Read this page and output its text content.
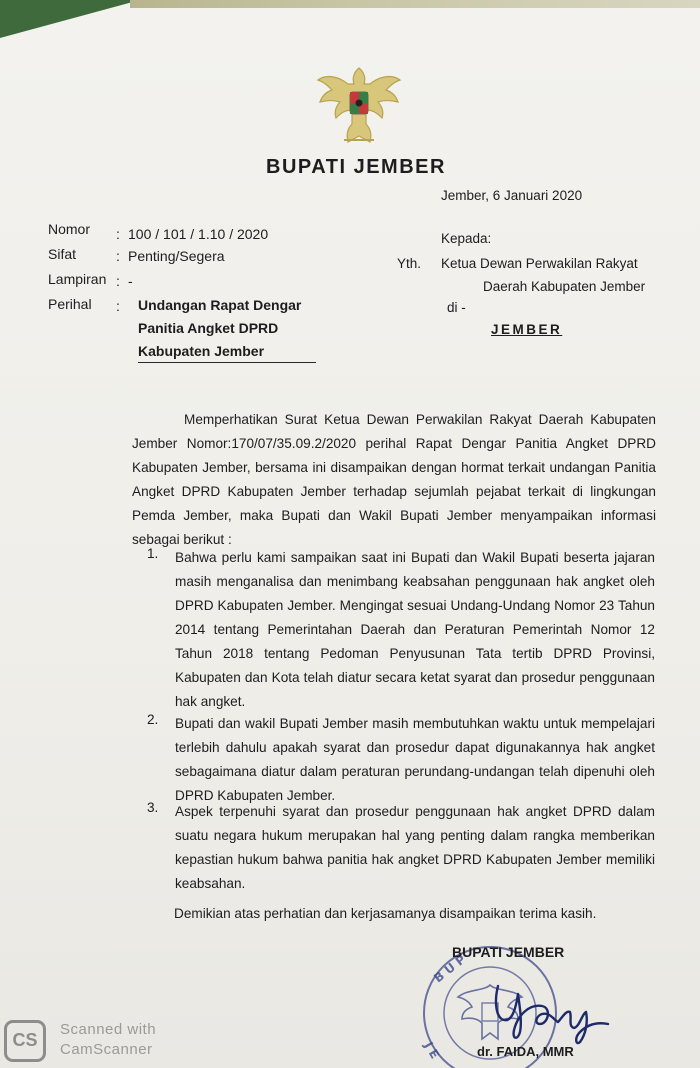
BUPATI JEMBER
Jember, 6 Januari 2020
Nomor : 100 / 101 / 1.10 / 2020
Sifat	: Penting/Segera
Lampiran : -
Perihal : Undangan Rapat Dengar
Panitia Angket DPRD
Kabupaten Jember
Kepada:
Yth. Ketua Dewan Perwakilan Rakyat
Daerah Kabupaten Jember
di -
JEMBER
Memperhatikan Surat Ketua Dewan Perwakilan Rakyat Daerah Kabupaten Jember Nomor:170/07/35.09.2/2020 perihal Rapat Dengar Panitia Angket DPRD Kabupaten Jember, bersama ini disampaikan dengan hormat terkait undangan Panitia Angket DPRD Kabupaten Jember terhadap sejumlah pejabat terkait di lingkungan Pemda Jember, maka Bupati dan Wakil Bupati Jember menyampaikan informasi sebagai berikut :
1. Bahwa perlu kami sampaikan saat ini Bupati dan Wakil Bupati beserta jajaran masih menganalisa dan menimbang keabsahan penggunaan hak angket oleh DPRD Kabupaten Jember. Mengingat sesuai Undang-Undang Nomor 23 Tahun 2014 tentang Pemerintahan Daerah dan Peraturan Pemerintah Nomor 12 Tahun 2018 tentang Pedoman Penyusunan Tata tertib DPRD Provinsi, Kabupaten dan Kota telah diatur secara ketat syarat dan prosedur penggunaan hak angket.
2. Bupati dan wakil Bupati Jember masih membutuhkan waktu untuk mempelajari terlebih dahulu apakah syarat dan prosedur dapat digunakannya hak angket sebagaimana diatur dalam peraturan perundang-undangan telah dipenuhi oleh DPRD Kabupaten Jember.
3. Aspek terpenuhi syarat dan prosedur penggunaan hak angket DPRD dalam suatu negara hukum merupakan hal yang penting dalam rangka memberikan kepastian hukum bahwa panitia hak angket DPRD Kabupaten Jember memiliki keabsahan.
Demikian atas perhatian dan kerjasamanya disampaikan terima kasih.
B U P
J E
BUPATI JEMBER
dr. FAIDA, MMR
CS
Scanned with
CamScanner
